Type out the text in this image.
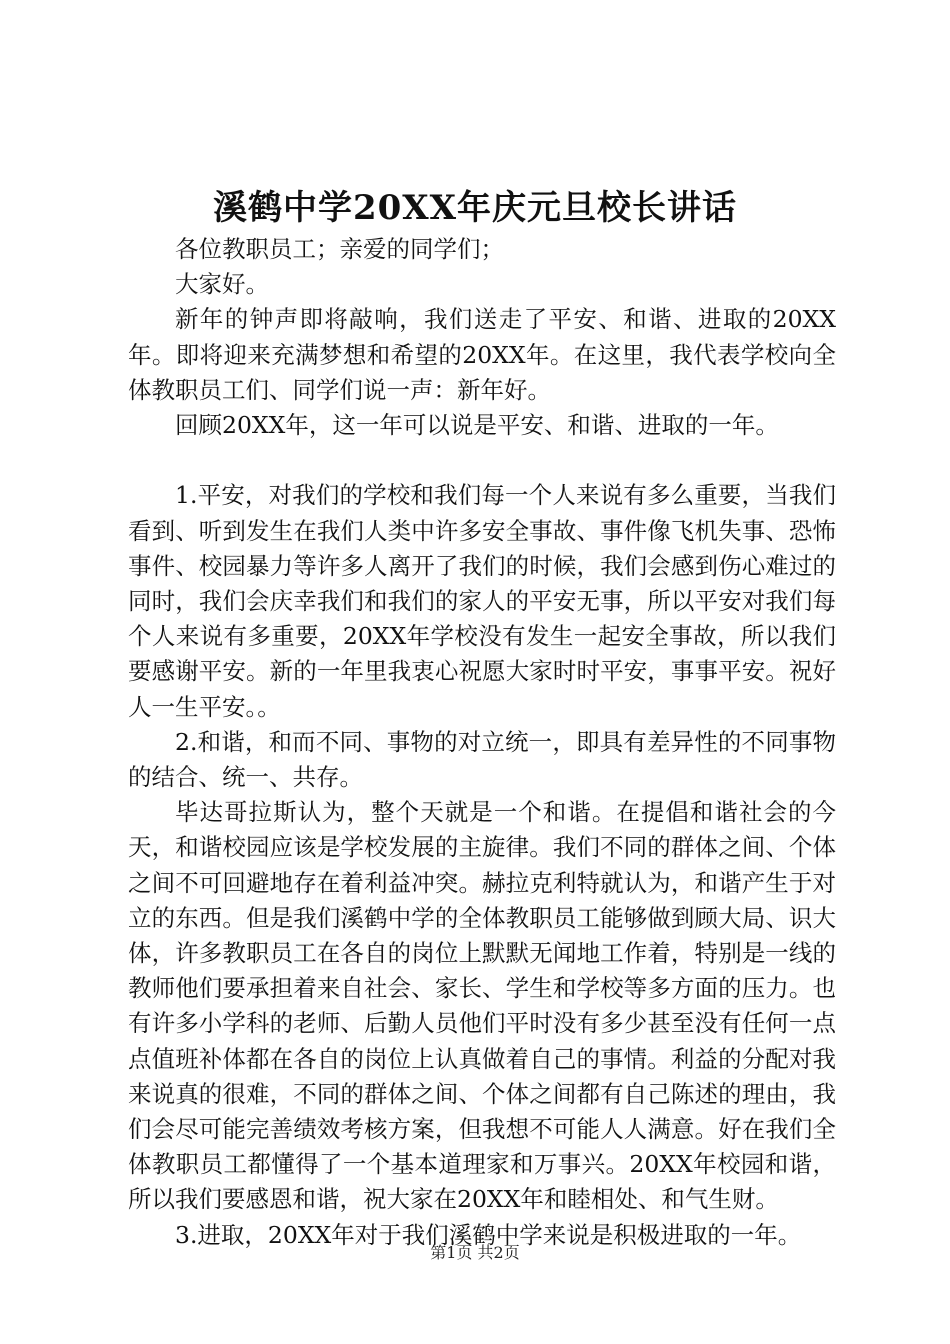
溪鹤中学20XX年庆元旦校长讲话

各位教职员工；亲爱的同学们；

大家好。

新年的钟声即将敲响，我们送走了平安、和谐、进取的20XX年。即将迎来充满梦想和希望的20XX年。在这里，我代表学校向全体教职员工们、同学们说一声：新年好。

回顾20XX年，这一年可以说是平安、和谐、进取的一年。

1.平安，对我们的学校和我们每一个人来说有多么重要，当我们看到、听到发生在我们人类中许多安全事故、事件像飞机失事、恐怖事件、校园暴力等许多人离开了我们的时候，我们会感到伤心难过的同时，我们会庆幸我们和我们的家人的平安无事，所以平安对我们每个人来说有多重要，20XX年学校没有发生一起安全事故，所以我们要感谢平安。新的一年里我衷心祝愿大家时时平安，事事平安。祝好人一生平安。。

2.和谐，和而不同、事物的对立统一，即具有差异性的不同事物的结合、统一、共存。

毕达哥拉斯认为，整个天就是一个和谐。在提倡和谐社会的今天，和谐校园应该是学校发展的主旋律。我们不同的群体之间、个体之间不可回避地存在着利益冲突。赫拉克利特就认为，和谐产生于对立的东西。但是我们溪鹤中学的全体教职员工能够做到顾大局、识大体，许多教职员工在各自的岗位上默默无闻地工作着，特别是一线的教师他们要承担着来自社会、家长、学生和学校等多方面的压力。也有许多小学科的老师、后勤人员他们平时没有多少甚至没有任何一点点值班补体都在各自的岗位上认真做着自己的事情。利益的分配对我来说真的很难，不同的群体之间、个体之间都有自己陈述的理由，我们会尽可能完善绩效考核方案，但我想不可能人人满意。好在我们全体教职员工都懂得了一个基本道理家和万事兴。20XX年校园和谐，所以我们要感恩和谐，祝大家在20XX年和睦相处、和气生财。

3.进取，20XX年对于我们溪鹤中学来说是积极进取的一年。

第1页 共2页
